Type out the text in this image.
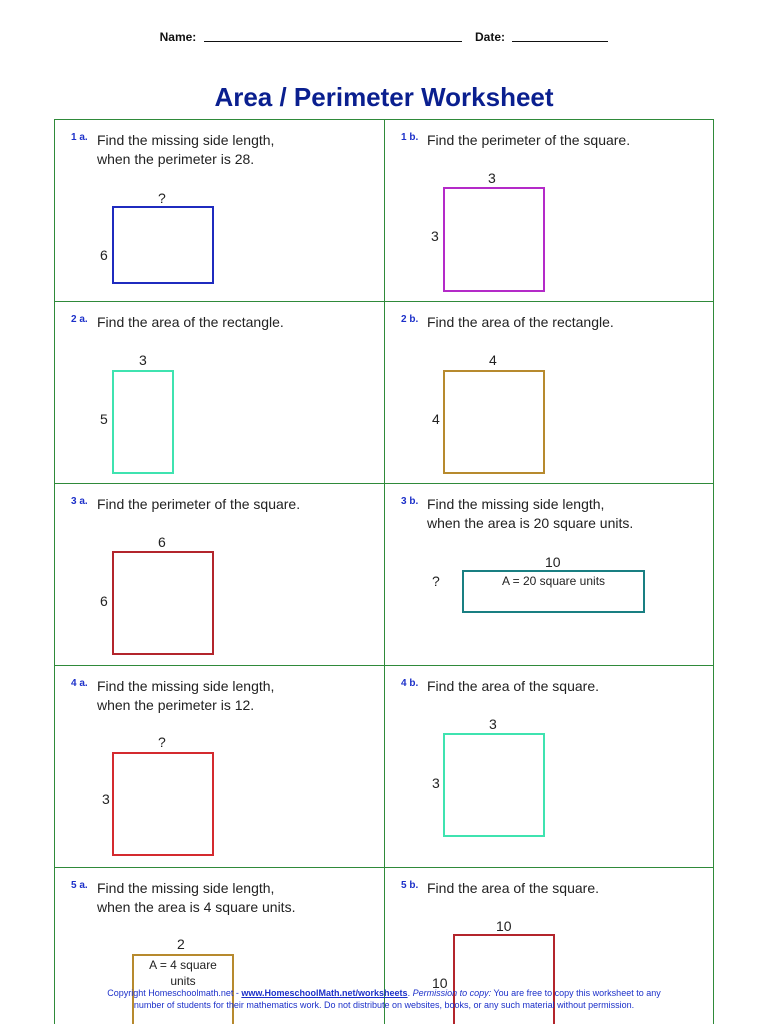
Name:	Date:
Area / Perimeter Worksheet
1 a. Find the missing side length,
when the perimeter is 28.
?
6
1 b. Find the perimeter of the square.
3
3
2 a. Find the area of the rectangle.
3
5
2 b. Find the area of the rectangle.
4
4
3 a. Find the perimeter of the square.
6
6
3 b. Find the missing side length,
when the area is 20 square units.
10
?	A = 20 square units
4 a. Find the missing side length,
when the perimeter is 12.
?
3
4 b. Find the area of the square.
3
3
5 a. Find the missing side length,
when the area is 4 square units.
2
A = 4 square units
5 b. Find the area of the square.
10
10
Copyright Homeschoolmath.net - www.HomeschoolMath.net/worksheets. Permission to copy: You are free to copy this worksheet to any
number of students for their mathematics work. Do not distribute on websites, books, or any such material without permission.
